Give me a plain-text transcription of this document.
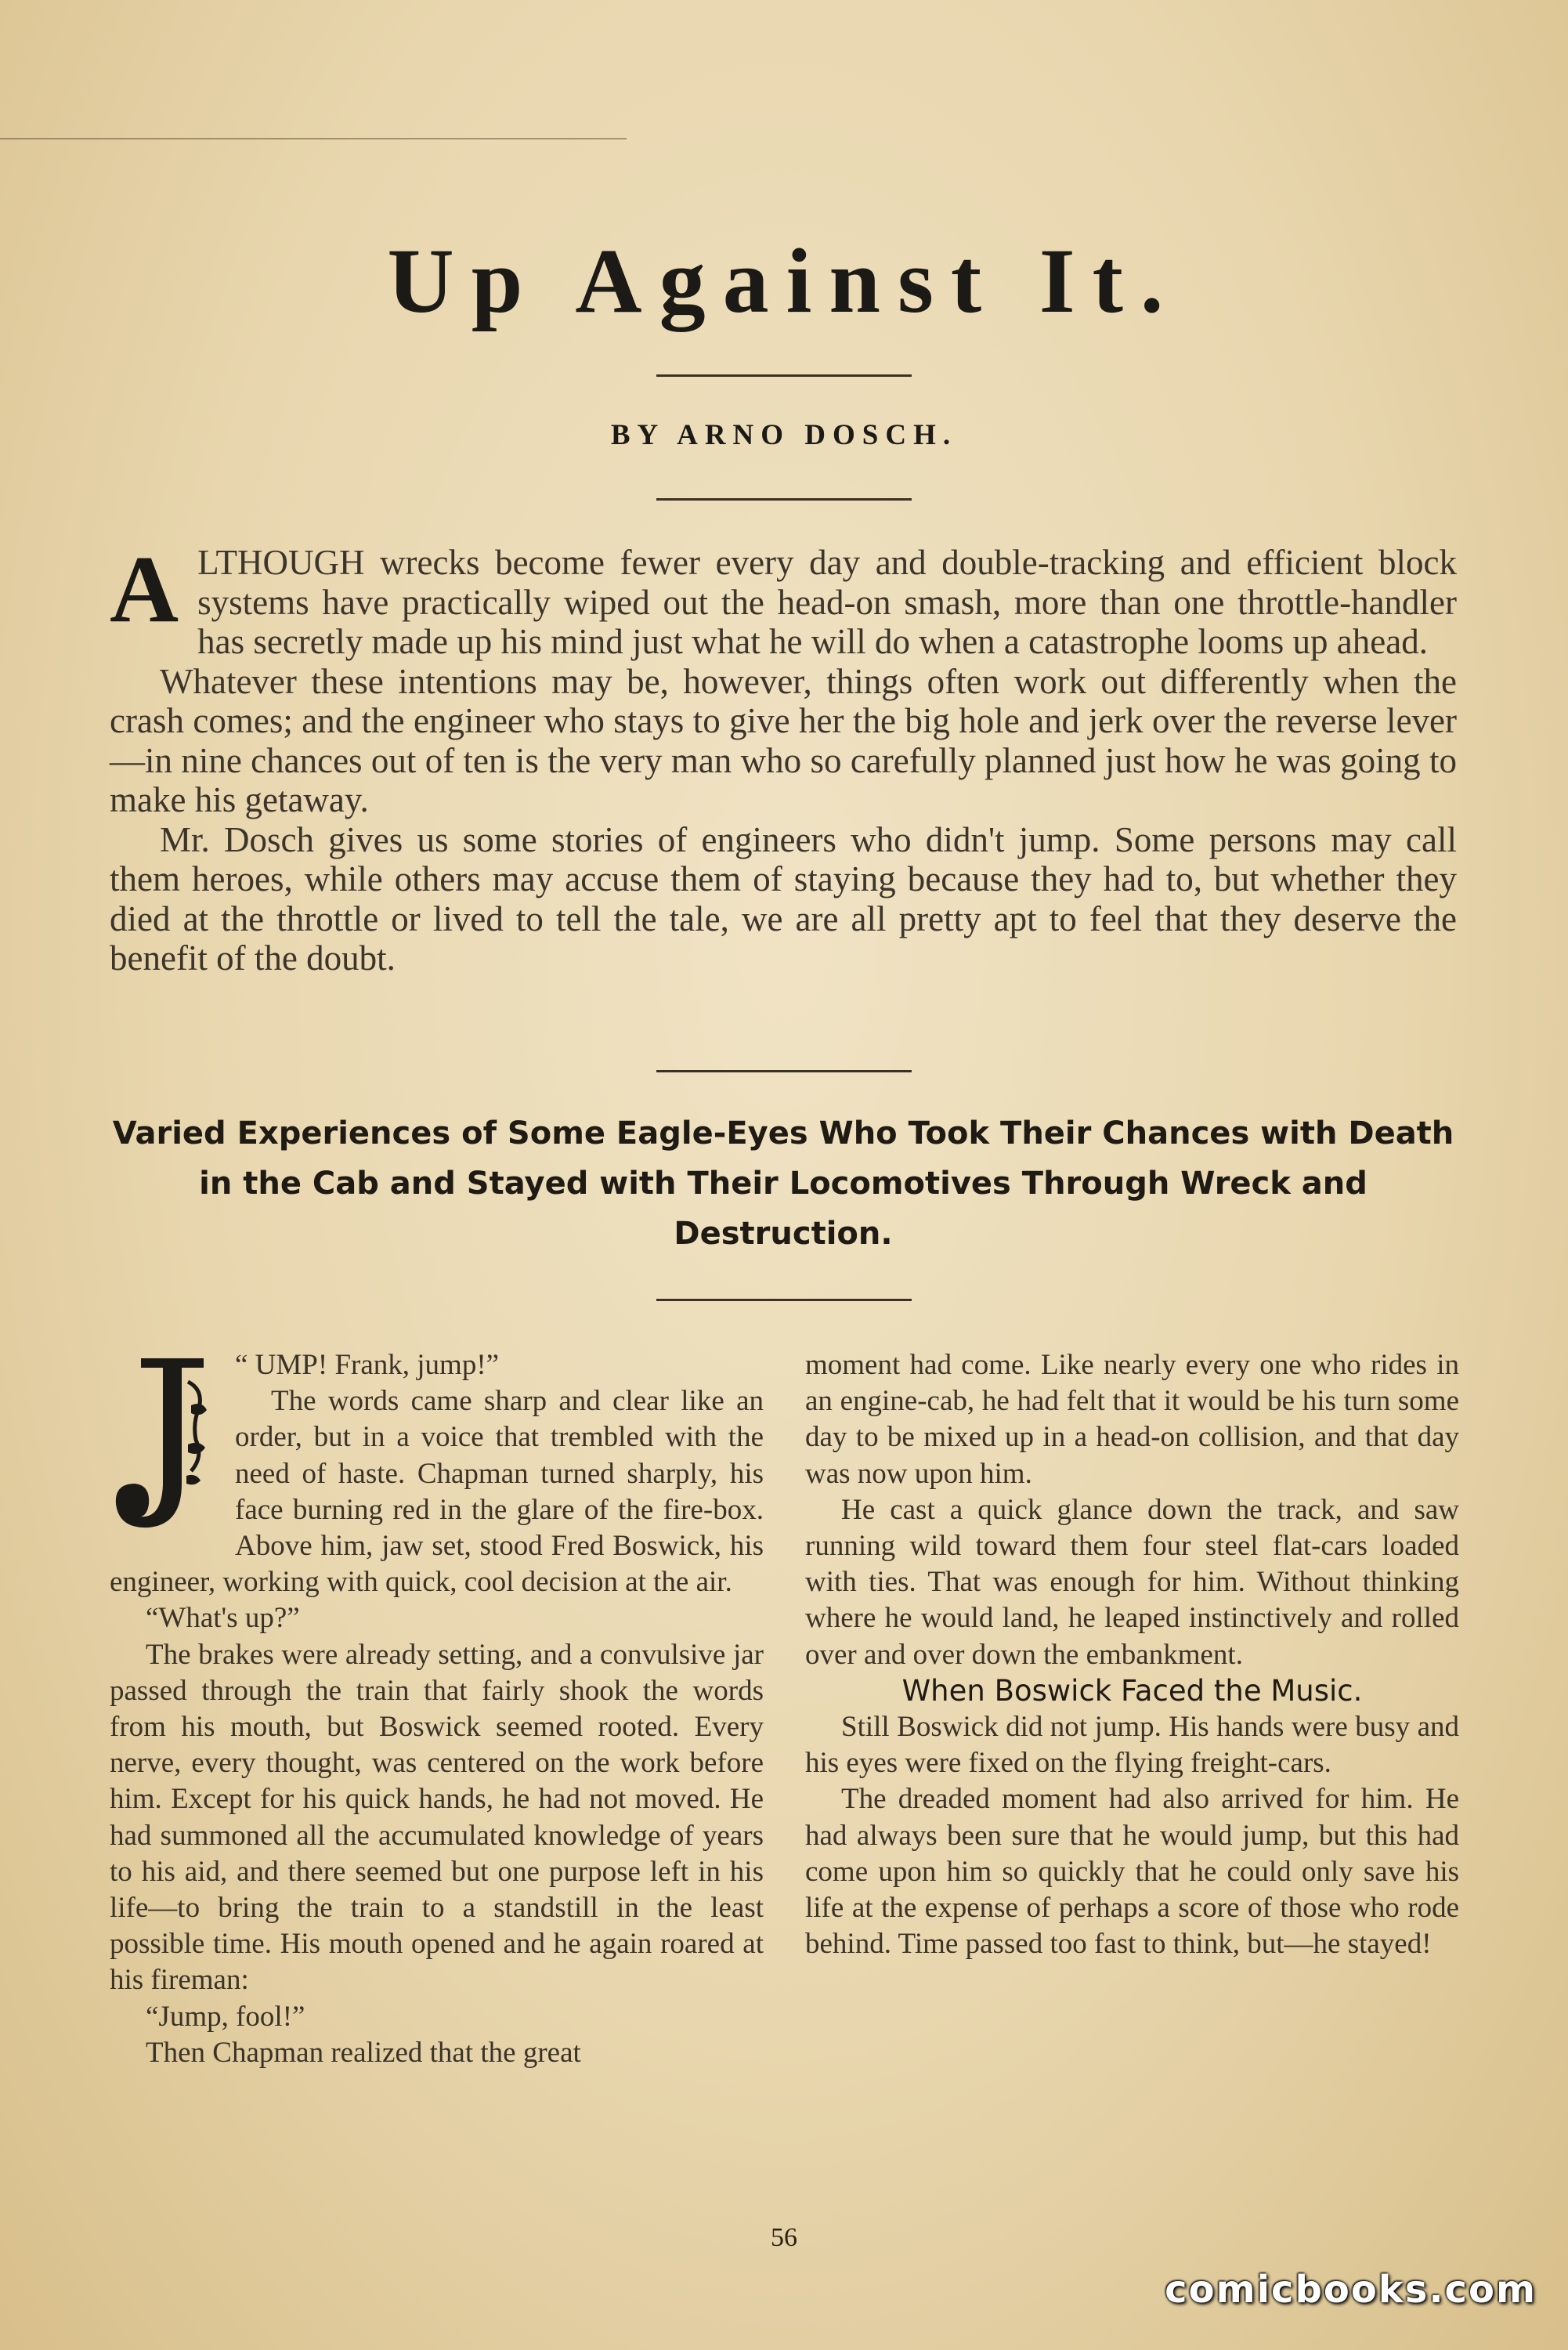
Up Against It.
BY ARNO DOSCH.

ALTHOUGH wrecks become fewer every day and double-tracking and efficient block systems have practically wiped out the head-on smash, more than one throttle-handler has secretly made up his mind just what he will do when a catastrophe looms up ahead.

Whatever these intentions may be, however, things often work out differently when the crash comes; and the engineer who stays to give her the big hole and jerk over the reverse lever—in nine chances out of ten is the very man who so carefully planned just how he was going to make his getaway.

Mr. Dosch gives us some stories of engineers who didn't jump. Some persons may call them heroes, while others may accuse them of staying because they had to, but whether they died at the throttle or lived to tell the tale, we are all pretty apt to feel that they deserve the benefit of the doubt.

Varied Experiences of Some Eagle-Eyes Who Took Their Chances with Death in the Cab and Stayed with Their Locomotives Through Wreck and Destruction.

“ UMP! Frank, jump!”

The words came sharp and clear like an order, but in a voice that trembled with the need of haste. Chapman turned sharply, his face burning red in the glare of the fire-box. Above him, jaw set, stood Fred Boswick, his engineer, working with quick, cool decision at the air.

“What's up?”

The brakes were already setting, and a convulsive jar passed through the train that fairly shook the words from his mouth, but Boswick seemed rooted. Every nerve, every thought, was centered on the work before him. Except for his quick hands, he had not moved. He had summoned all the accumulated knowledge of years to his aid, and there seemed but one purpose left in his life—to bring the train to a standstill in the least possible time. His mouth opened and he again roared at his fireman:

“Jump, fool!”

Then Chapman realized that the great

moment had come. Like nearly every one who rides in an engine-cab, he had felt that it would be his turn some day to be mixed up in a head-on collision, and that day was now upon him.

He cast a quick glance down the track, and saw running wild toward them four steel flat-cars loaded with ties. That was enough for him. Without thinking where he would land, he leaped instinctively and rolled over and over down the embankment.

When Boswick Faced the Music.

Still Boswick did not jump. His hands were busy and his eyes were fixed on the flying freight-cars.

The dreaded moment had also arrived for him. He had always been sure that he would jump, but this had come upon him so quickly that he could only save his life at the expense of perhaps a score of those who rode behind. Time passed too fast to think, but—he stayed!

56
comicbooks.com
